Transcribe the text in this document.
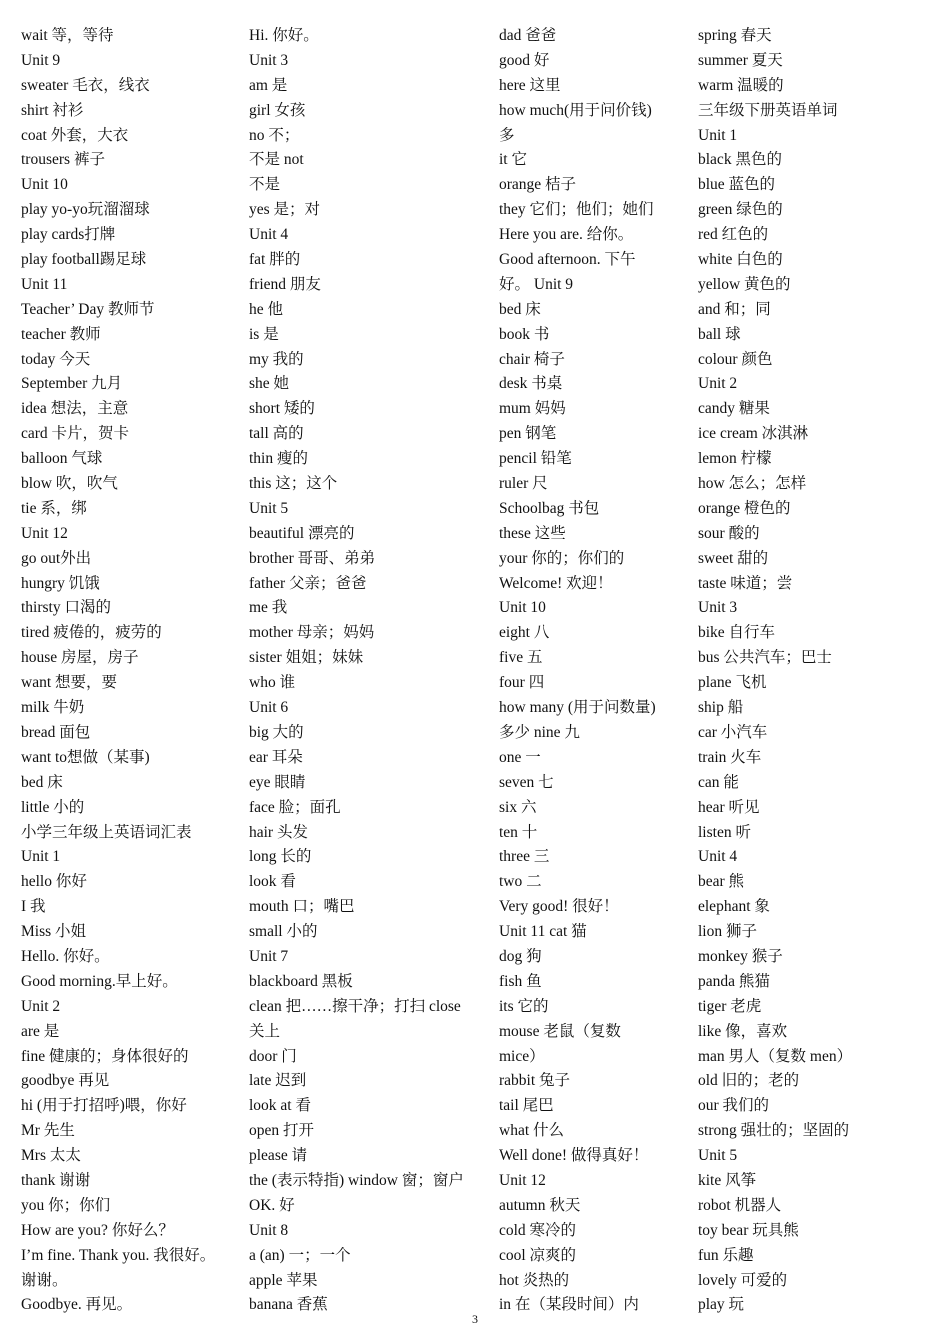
wait 等，等待
Unit 9
sweater 毛衣，线衣
shirt 衬衫
coat 外套，大衣
trousers 裤子
Unit 10
play yo-yo玩溜溜球
play cards打牌
play football踢足球
Unit 11
Teacher’ Day 教师节
teacher 教师
today 今天
September 九月
idea 想法，主意
card 卡片，贺卡
balloon 气球
blow 吹，吹气
tie 系，绑
Unit 12
go out外出
hungry 饥饿
thirsty 口渴的
tired 疲倦的，疲劳的
house 房屋，房子
want 想要，要
milk 牛奶
bread 面包
want to想做（某事)
bed 床
little 小的
小学三年级上英语词汇表
Unit 1
hello 你好
I 我
Miss 小姐
Hello. 你好。
Good morning.早上好。
Unit 2
are 是
fine 健康的；身体很好的
goodbye 再见
hi (用于打招呼)喂，你好
Mr 先生
Mrs 太太
thank 谢谢
you 你；你们
How are you? 你好么？
I’m fine. Thank you. 我很好。
谢谢。
Goodbye. 再见。
Hi. 你好。
Unit 3
am 是
girl 女孩
no 不；
不是 not
不是
yes 是；对
Unit 4
fat 胖的
friend 朋友
he 他
is 是
my 我的
she 她
short 矮的
tall 高的
thin 瘦的
this 这；这个
Unit 5
beautiful 漂亮的
brother 哥哥、弟弟
father 父亲；爸爸
me 我
mother 母亲；妈妈
sister 姐姐；妹妹
who 谁
Unit 6
big 大的
ear 耳朵
eye 眼睛
face 脸；面孔
hair 头发
long 长的
look 看
mouth 口；嘴巴
small 小的
Unit 7
blackboard 黑板
clean 把……擦干净；打扫 close
关上
door 门
late 迟到
look at 看
open 打开
please 请
the (表示特指) window 窗；窗户
OK. 好
Unit 8
a (an) 一；一个
apple 苹果
banana 香蕉
dad 爸爸
good 好
here 这里
how much(用于问价钱)
多
it 它
orange 桔子
they 它们；他们；她们
Here you are. 给你。
Good afternoon. 下午
好。 Unit 9
bed 床
book 书
chair 椅子
desk 书桌
mum 妈妈
pen 钢笔
pencil 铅笔
ruler 尺
Schoolbag 书包
these 这些
your 你的；你们的
Welcome! 欢迎！
Unit 10
eight 八
five 五
four 四
how many (用于问数量)
多少 nine 九
one 一
seven 七
six 六
ten 十
three 三
two 二
Very good! 很好！
Unit 11 cat 猫
dog 狗
fish 鱼
its 它的
mouse 老鼠（复数
mice）
rabbit 兔子
tail 尾巴
what 什么
Well done! 做得真好！
Unit 12
autumn 秋天
cold 寒冷的
cool 凉爽的
hot 炎热的
in 在（某段时间）内
spring 春天
summer 夏天
warm 温暖的
三年级下册英语单词
Unit 1
black 黑色的
blue 蓝色的
green 绿色的
red 红色的
white 白色的
yellow 黄色的
and 和；同
ball 球
colour 颜色
Unit 2
candy 糖果
ice cream 冰淇淋
lemon 柠檬
how 怎么；怎样
orange 橙色的
sour 酸的
sweet 甜的
taste 味道；尝
Unit 3
bike 自行车
bus 公共汽车；巴士
plane 飞机
ship 船
car 小汽车
train 火车
can 能
hear 听见
listen 听
Unit 4
bear 熊
elephant 象
lion 狮子
monkey 猴子
panda 熊猫
tiger 老虎
like 像，喜欢
man 男人（复数 men）
old 旧的；老的
our 我们的
strong 强壮的；坚固的
Unit 5
kite 风筝
robot 机器人
toy bear 玩具熊
fun 乐趣
lovely 可爱的
play 玩
3
